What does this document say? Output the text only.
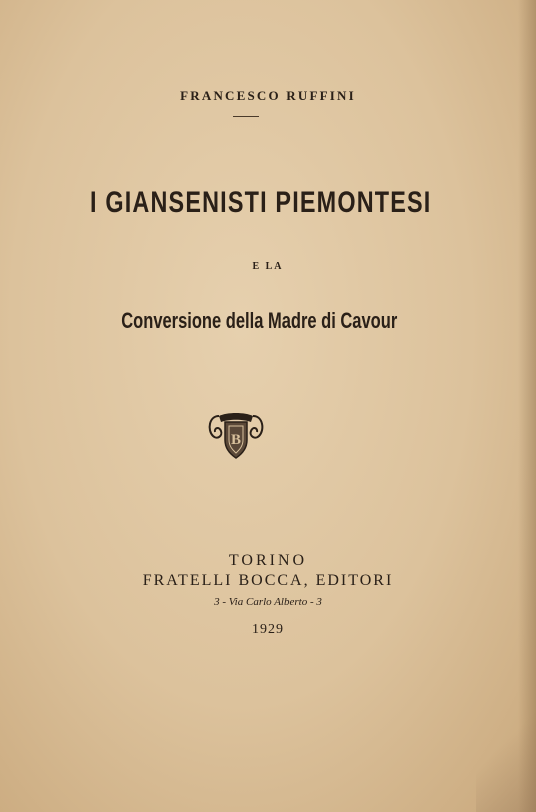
FRANCESCO RUFFINI
I GIANSENISTI PIEMONTESI
E LA
Conversione della Madre di Cavour
B
TORINO
FRATELLI BOCCA, EDITORI
3 - Via Carlo Alberto - 3
1929
